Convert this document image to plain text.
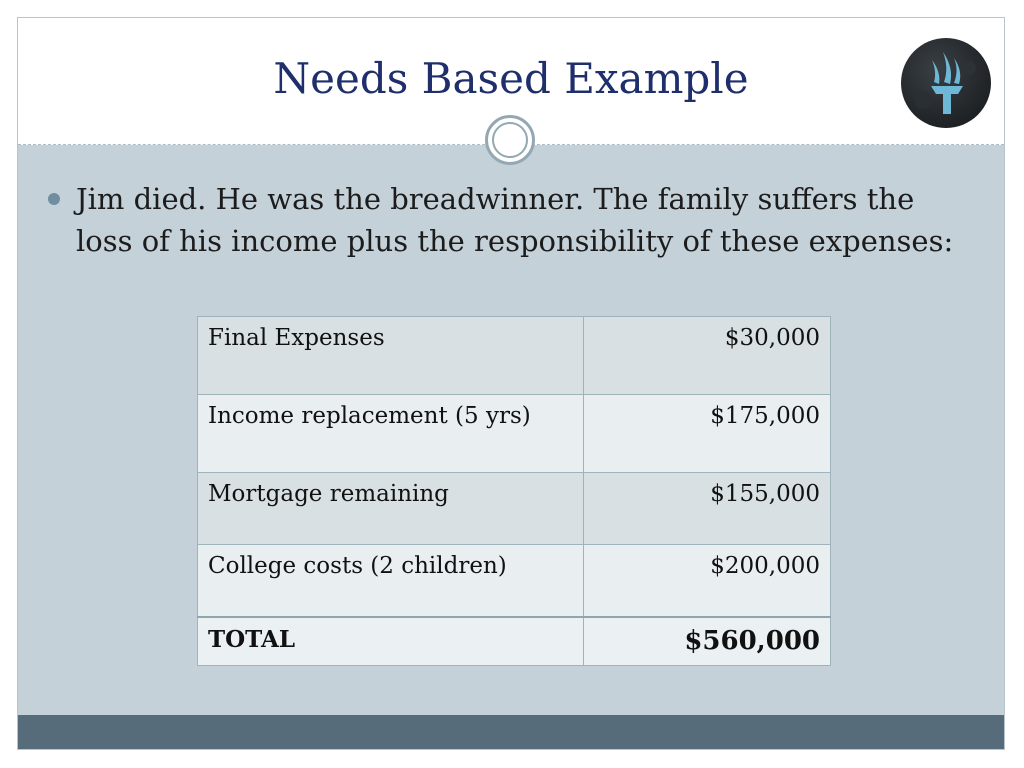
Needs Based Example
Jim died. He was the breadwinner. The family suffers the loss of his income plus the responsibility of these expenses:
Final Expenses	$30,000
Income replacement (5 yrs)	$175,000
Mortgage remaining	$155,000
College costs (2 children)	$200,000
TOTAL	$560,000
